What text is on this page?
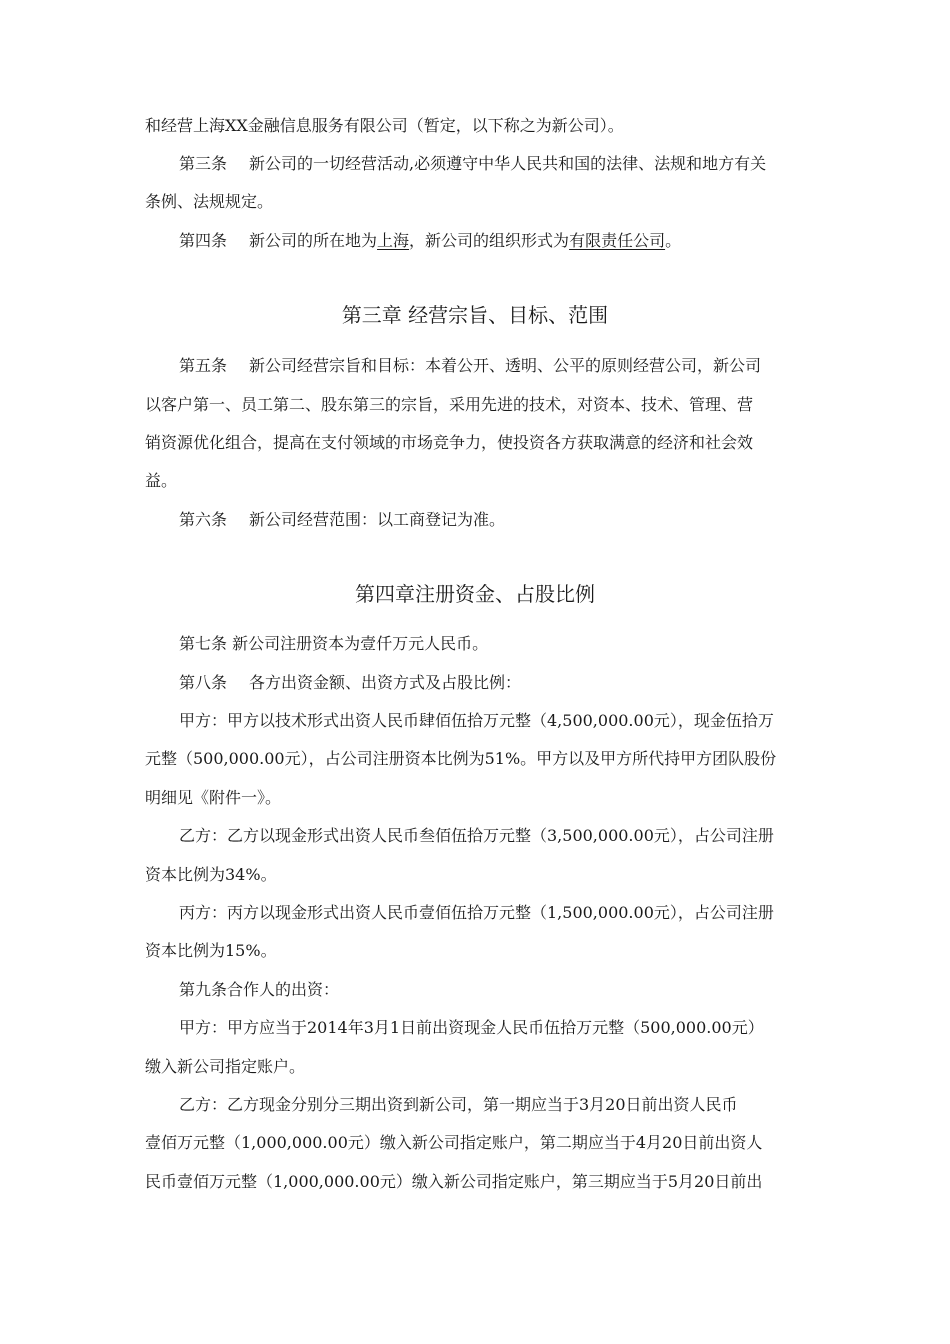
和经营上海XX金融信息服务有限公司（暂定，以下称之为新公司）。

第三条 新公司的一切经营活动,必须遵守中华人民共和国的法律、法规和地方有关

条例、法规规定。

第四条 新公司的所在地为上海，新公司的组织形式为有限责任公司。

第三章 经营宗旨、目标、范围

第五条 新公司经营宗旨和目标：本着公开、透明、公平的原则经营公司，新公司

以客户第一、员工第二、股东第三的宗旨，采用先进的技术，对资本、技术、管理、营

销资源优化组合，提高在支付领域的市场竞争力，使投资各方获取满意的经济和社会效

益。

第六条 新公司经营范围：以工商登记为准。

第四章注册资金、占股比例

第七条 新公司注册资本为壹仟万元人民币。

第八条 各方出资金额、出资方式及占股比例：

甲方：甲方以技术形式出资人民币肆佰伍拾万元整（4,500,000.00元），现金伍拾万

元整（500,000.00元），占公司注册资本比例为51%。甲方以及甲方所代持甲方团队股份

明细见《附件一》。

乙方：乙方以现金形式出资人民币叁佰伍拾万元整（3,500,000.00元），占公司注册

资本比例为34%。

丙方：丙方以现金形式出资人民币壹佰伍拾万元整（1,500,000.00元），占公司注册

资本比例为15%。

第九条合作人的出资：

甲方：甲方应当于2014年3月1日前出资现金人民币伍拾万元整（500,000.00元）

缴入新公司指定账户。

乙方：乙方现金分别分三期出资到新公司，第一期应当于3月20日前出资人民币

壹佰万元整（1,000,000.00元）缴入新公司指定账户，第二期应当于4月20日前出资人

民币壹佰万元整（1,000,000.00元）缴入新公司指定账户，第三期应当于5月20日前出
